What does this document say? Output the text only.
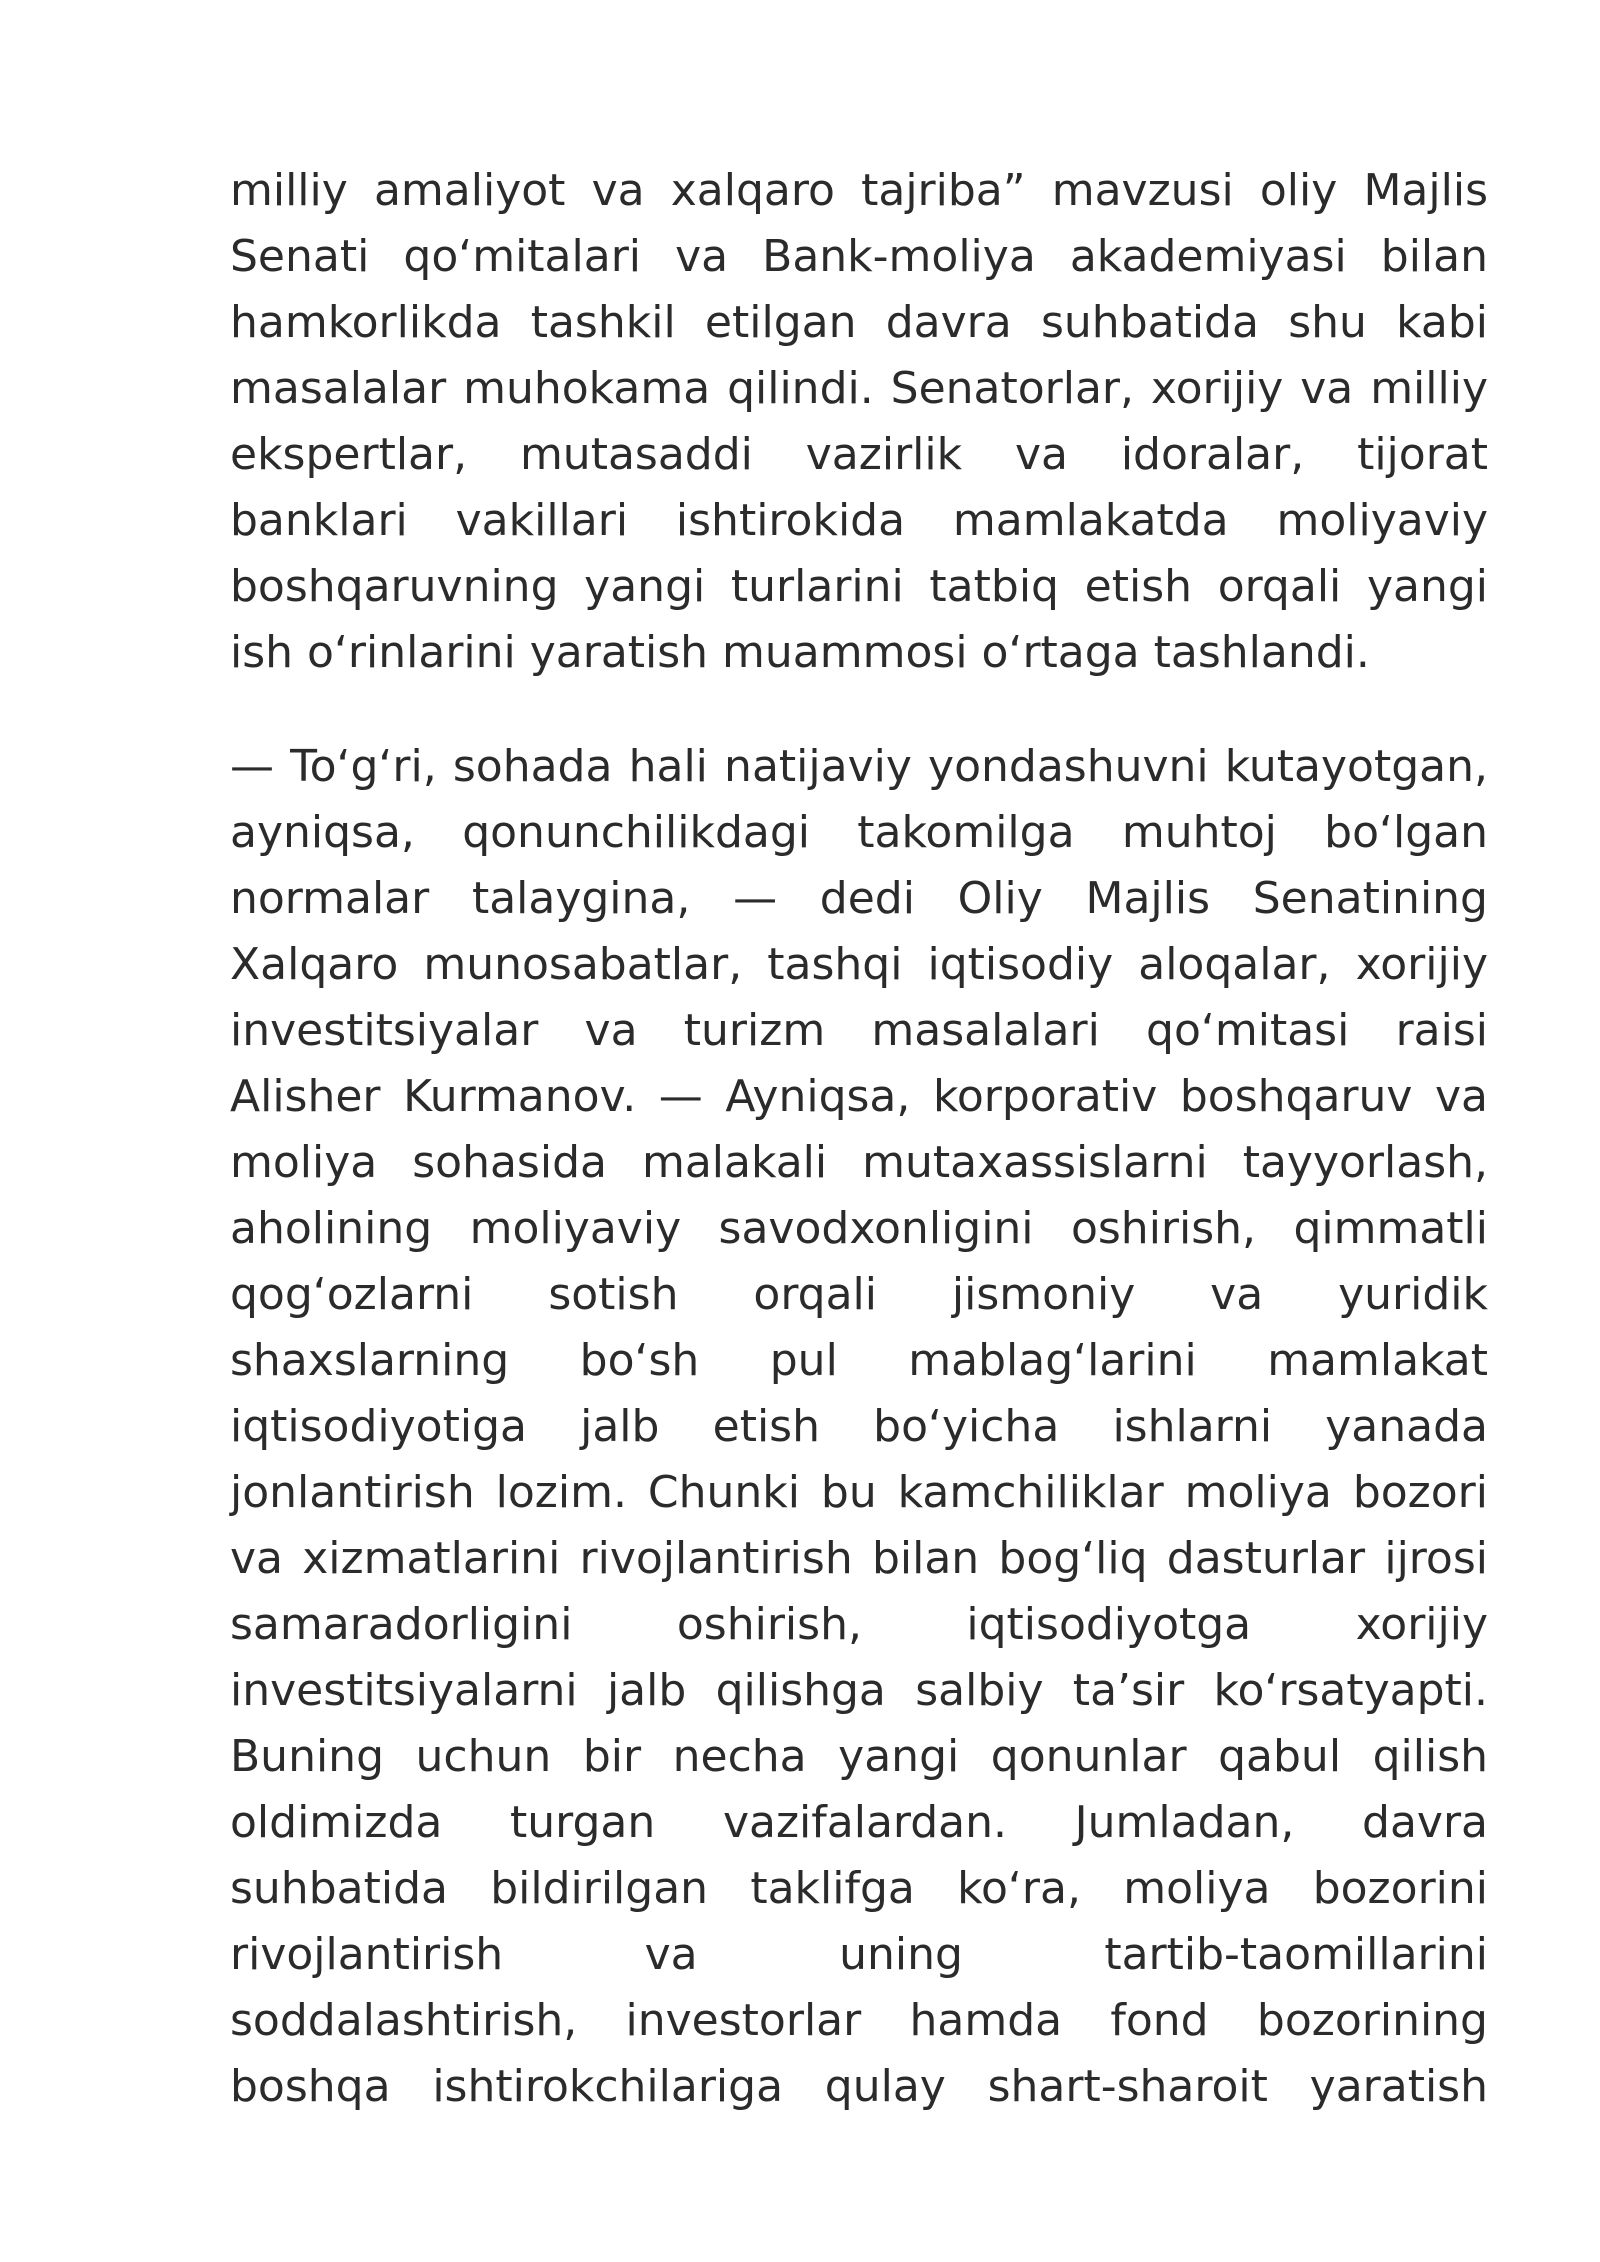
milliy amaliyot va xalqaro tajriba” mavzusi oliy Majlis
Senati qoʻmitalari va Bank-moliya akademiyasi bilan
hamkorlikda tashkil etilgan davra suhbatida shu kabi
masalalar muhokama qilindi. Senatorlar, xorijiy va milliy
ekspertlar, mutasaddi vazirlik va idoralar, tijorat
banklari vakillari ishtirokida mamlakatda moliyaviy
boshqaruvning yangi turlarini tatbiq etish orqali yangi
ish oʻrinlarini yaratish muammosi oʻrtaga tashlandi.
— Toʻgʻri, sohada hali natijaviy yondashuvni kutayotgan,
ayniqsa, qonunchilikdagi takomilga muhtoj boʻlgan
normalar talaygina, — dedi Oliy Majlis Senatining
Xalqaro munosabatlar, tashqi iqtisodiy aloqalar, xorijiy
investitsiyalar va turizm masalalari qoʻmitasi raisi
Alisher Kurmanov. — Ayniqsa, korporativ boshqaruv va
moliya sohasida malakali mutaxassislarni tayyorlash,
aholining moliyaviy savodxonligini oshirish, qimmatli
qogʻozlarni sotish orqali jismoniy va yuridik
shaxslarning boʻsh pul mablagʻlarini mamlakat
iqtisodiyotiga jalb etish boʻyicha ishlarni yanada
jonlantirish lozim. Chunki bu kamchiliklar moliya bozori
va xizmatlarini rivojlantirish bilan bogʻliq dasturlar ijrosi
samaradorligini oshirish, iqtisodiyotga xorijiy
investitsiyalarni jalb qilishga salbiy taʼsir koʻrsatyapti.
Buning uchun bir necha yangi qonunlar qabul qilish
oldimizda turgan vazifalardan. Jumladan, davra
suhbatida bildirilgan taklifga koʻra, moliya bozorini
rivojlantirish va uning tartib-taomillarini
soddalashtirish, investorlar hamda fond bozorining
boshqa ishtirokchilariga qulay shart-sharoit yaratish
